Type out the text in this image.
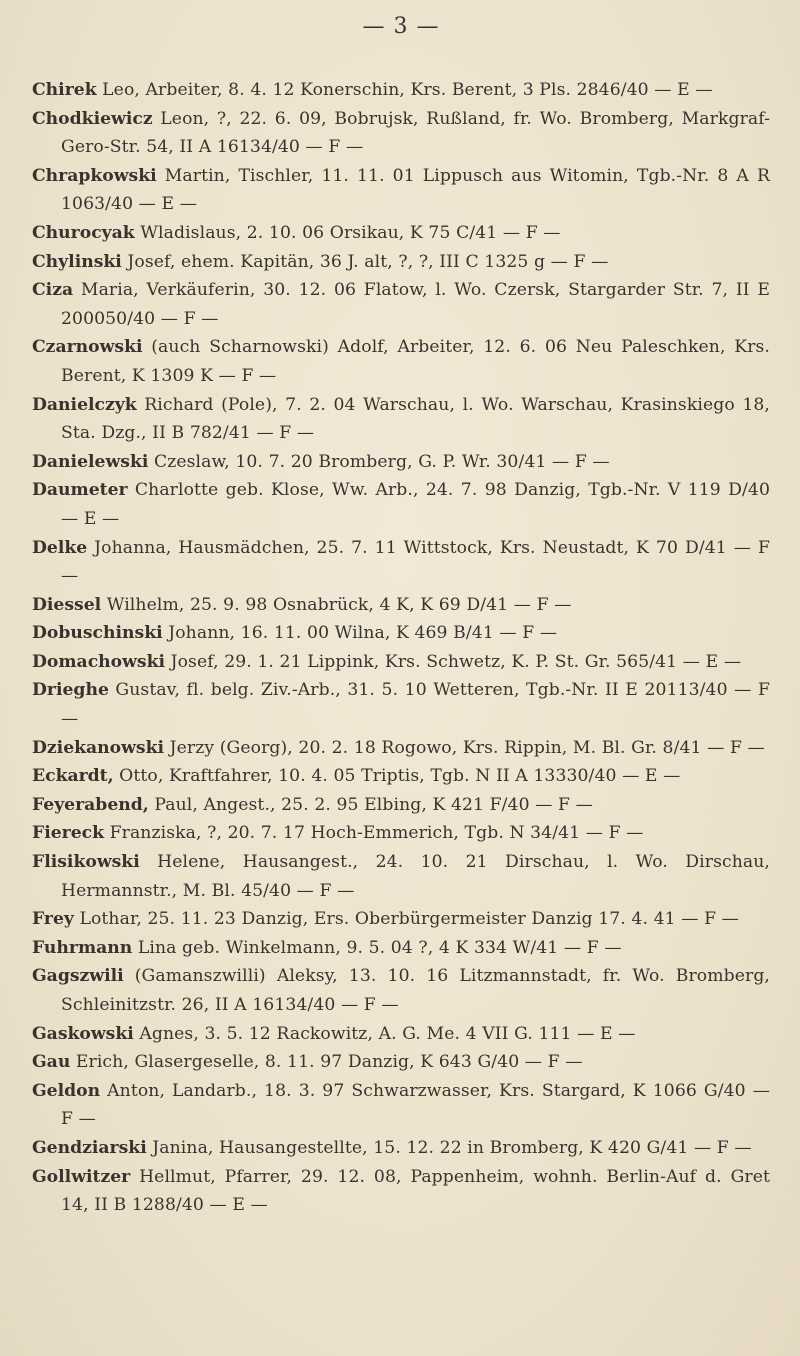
— 3 —
Chirek Leo, Arbeiter, 8. 4. 12 Konerschin, Krs. Berent, 3 Pls. 2846/40 — E —
Chodkiewicz Leon, ?, 22. 6. 09, Bobrujsk, Rußland, fr. Wo. Bromberg, Markgraf-Gero-Str. 54, II A 16134/40 — F —
Chrapkowski Martin, Tischler, 11. 11. 01 Lippusch aus Witomin, Tgb.-Nr. 8 A R 1063/40 — E —
Churocyak Wladislaus, 2. 10. 06 Orsikau, K 75 C/41 — F —
Chylinski Josef, ehem. Kapitän, 36 J. alt, ?, ?, III C 1325 g — F —
Ciza Maria, Verkäuferin, 30. 12. 06 Flatow, l. Wo. Czersk, Stargarder Str. 7, II E 200050/40 — F —
Czarnowski (auch Scharnowski) Adolf, Arbeiter, 12. 6. 06 Neu Paleschken, Krs. Berent, K 1309 K — F —
Danielczyk Richard (Pole), 7. 2. 04 Warschau, l. Wo. Warschau, Krasinskiego 18, Sta. Dzg., II B 782/41 — F —
Danielewski Czeslaw, 10. 7. 20 Bromberg, G. P. Wr. 30/41 — F —
Daumeter Charlotte geb. Klose, Ww. Arb., 24. 7. 98 Danzig, Tgb.-Nr. V 119 D/40 — E —
Delke Johanna, Hausmädchen, 25. 7. 11 Wittstock, Krs. Neustadt, K 70 D/41 — F —
Diessel Wilhelm, 25. 9. 98 Osnabrück, 4 K, K 69 D/41 — F —
Dobuschinski Johann, 16. 11. 00 Wilna, K 469 B/41 — F —
Domachowski Josef, 29. 1. 21 Lippink, Krs. Schwetz, K. P. St. Gr. 565/41 — E —
Drieghe Gustav, fl. belg. Ziv.-Arb., 31. 5. 10 Wetteren, Tgb.-Nr. II E 20113/40 — F —
Dziekanowski Jerzy (Georg), 20. 2. 18 Rogowo, Krs. Rippin, M. Bl. Gr. 8/41 — F —
Eckardt, Otto, Kraftfahrer, 10. 4. 05 Triptis, Tgb. N II A 13330/40 — E —
Feyerabend, Paul, Angest., 25. 2. 95 Elbing, K 421 F/40 — F —
Fiereck Franziska, ?, 20. 7. 17 Hoch-Emmerich, Tgb. N 34/41 — F —
Flisikowski Helene, Hausangest., 24. 10. 21 Dirschau, l. Wo. Dirschau, Hermannstr., M. Bl. 45/40 — F —
Frey Lothar, 25. 11. 23 Danzig, Ers. Oberbürgermeister Danzig 17. 4. 41 — F —
Fuhrmann Lina geb. Winkelmann, 9. 5. 04 ?, 4 K 334 W/41 — F —
Gagszwili (Gamanszwilli) Aleksy, 13. 10. 16 Litzmannstadt, fr. Wo. Bromberg, Schleinitzstr. 26, II A 16134/40 — F —
Gaskowski Agnes, 3. 5. 12 Rackowitz, A. G. Me. 4 VII G. 111 — E —
Gau Erich, Glasergeselle, 8. 11. 97 Danzig, K 643 G/40 — F —
Geldon Anton, Landarb., 18. 3. 97 Schwarzwasser, Krs. Stargard, K 1066 G/40 — F —
Gendziarski Janina, Hausangestellte, 15. 12. 22 in Bromberg, K 420 G/41 — F —
Gollwitzer Hellmut, Pfarrer, 29. 12. 08, Pappenheim, wohnh. Berlin-Auf d. Gret 14, II B 1288/40 — E —
